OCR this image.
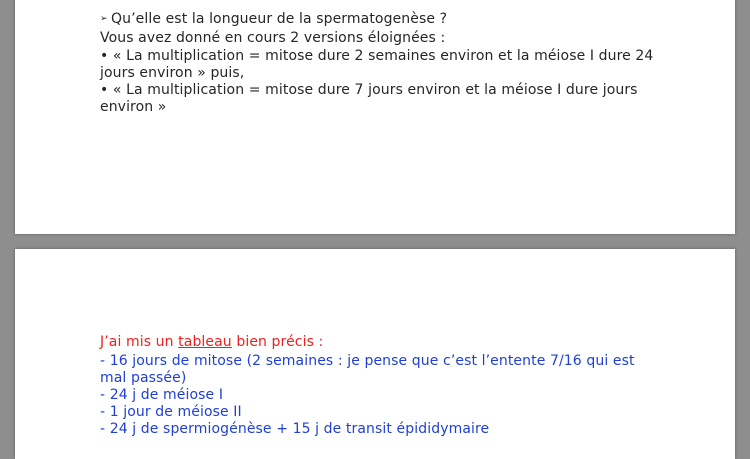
➢ Qu’elle est la longueur de la spermatogenèse ?
Vous avez donné en cours 2 versions éloignées :
• « La multiplication = mitose dure 2 semaines environ et la méiose I dure 24
jours environ » puis,
• « La multiplication = mitose dure 7 jours environ et la méiose I dure jours
environ »
J’ai mis un tableau bien précis :
- 16 jours de mitose (2 semaines : je pense que c’est l’entente 7/16 qui est
mal passée)
- 24 j de méiose I
- 1 jour de méiose II
- 24 j de spermiogénèse + 15 j de transit épididymaire
